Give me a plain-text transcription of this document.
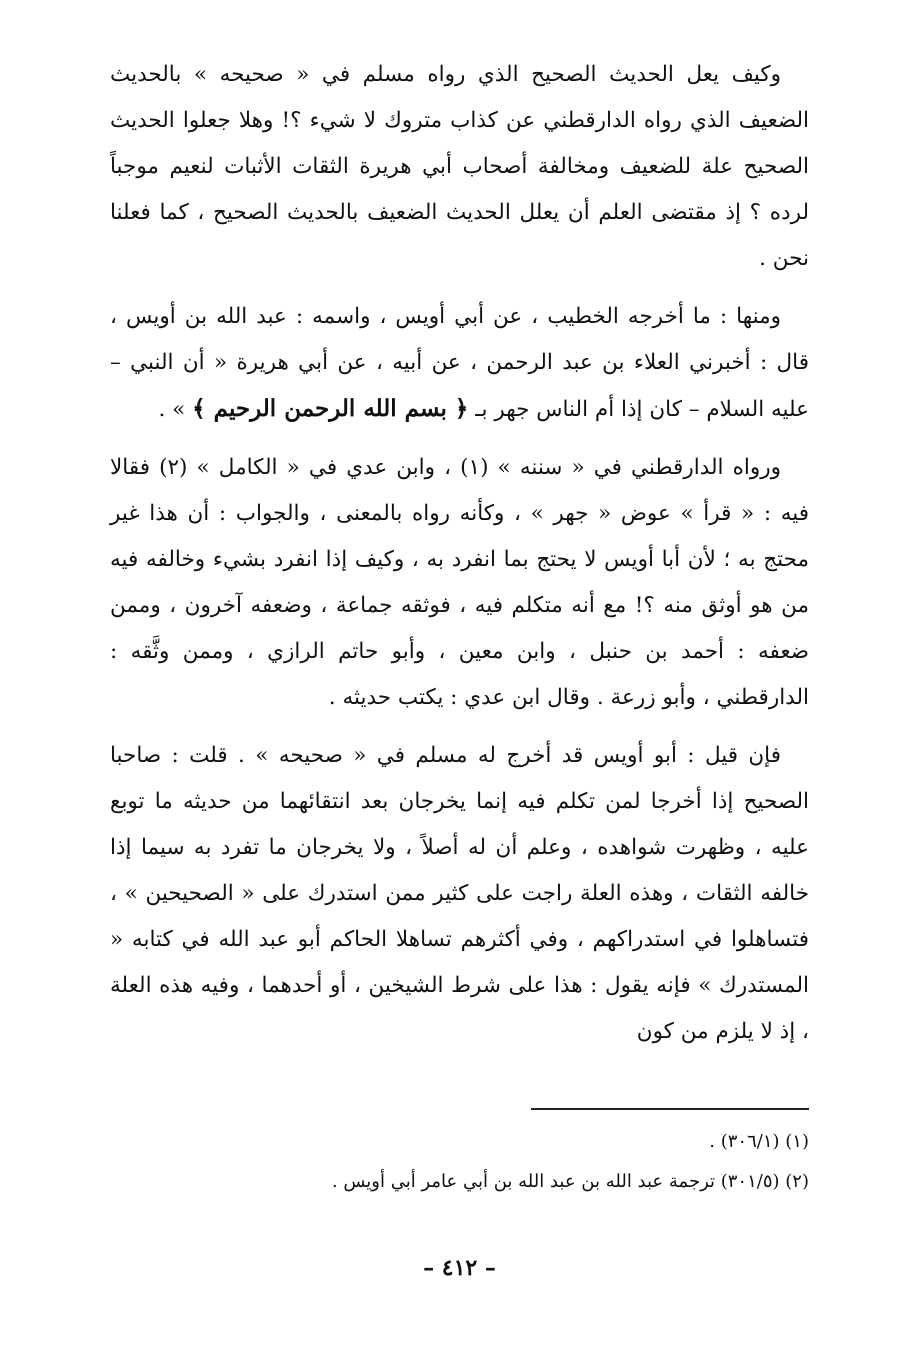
وكيف يعل الحديث الصحيح الذي رواه مسلم في « صحيحه » بالحديث الضعيف الذي رواه الدارقطني عن كذاب متروك لا شيء ؟! وهلا جعلوا الحديث الصحيح علة للضعيف ومخالفة أصحاب أبي هريرة الثقات الأثبات لنعيم موجباً لرده ؟ إذ مقتضى العلم أن يعلل الحديث الضعيف بالحديث الصحيح ، كما فعلنا نحن .

ومنها : ما أخرجه الخطيب ، عن أبي أويس ، واسمه : عبد الله بن أويس ، قال : أخبرني العلاء بن عبد الرحمن ، عن أبيه ، عن أبي هريرة « أن النبي – عليه السلام – كان إذا أم الناس جهر بـ ﴿ بسم الله الرحمن الرحيم ﴾ » .

ورواه الدارقطني في « سننه » (١) ، وابن عدي في « الكامل » (٢) فقالا فيه : « قرأ » عوض « جهر » ، وكأنه رواه بالمعنى ، والجواب : أن هذا غير محتج به ؛ لأن أبا أويس لا يحتج بما انفرد به ، وكيف إذا انفرد بشيء وخالفه فيه من هو أوثق منه ؟! مع أنه متكلم فيه ، فوثقه جماعة ، وضعفه آخرون ، وممن ضعفه : أحمد بن حنبل ، وابن معين ، وأبو حاتم الرازي ، وممن وثَّقه : الدارقطني ، وأبو زرعة . وقال ابن عدي : يكتب حديثه .

فإن قيل : أبو أويس قد أخرج له مسلم في « صحيحه » . قلت : صاحبا الصحيح إذا أخرجا لمن تكلم فيه إنما يخرجان بعد انتقائهما من حديثه ما توبع عليه ، وظهرت شواهده ، وعلم أن له أصلاً ، ولا يخرجان ما تفرد به سيما إذا خالفه الثقات ، وهذه العلة راجت على كثير ممن استدرك على « الصحيحين » ، فتساهلوا في استدراكهم ، وفي أكثرهم تساهلا الحاكم أبو عبد الله في كتابه « المستدرك » فإنه يقول : هذا على شرط الشيخين ، أو أحدهما ، وفيه هذه العلة ، إذ لا يلزم من كون

(١) (٣٠٦/١) .
(٢) (٣٠١/٥) ترجمة عبد الله بن عبد الله بن أبي عامر أبي أويس .
– ٤١٢ –
